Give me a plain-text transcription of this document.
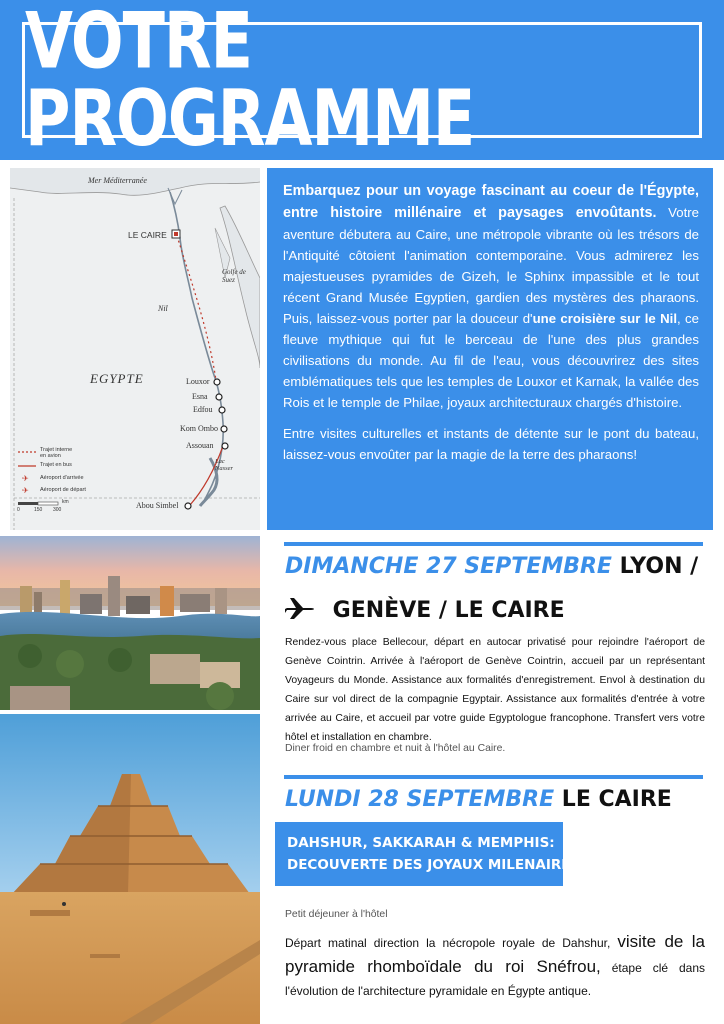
VOTRE PROGRAMME
✈
✈
Mer Méditerranée
LE CAIRE
Golfe de Suez
Nil
EGYPTE	Louxor
Esna
Edfou
Kom Ombo
Assouan
Lac Nasser
Abou Simbel
Trajet interne en avion
Trajet en bus
Aéroport d'arrivée
Aéroport de départ
km
0	150 300

Embarquez pour un voyage fascinant au coeur de l'Égypte, entre histoire millénaire et paysages envoûtants. Votre aventure débutera au Caire, une métropole vibrante où les trésors de l'Antiquité côtoient l'animation contemporaine. Vous admirerez les majestueuses pyramides de Gizeh, le Sphinx impassible et le tout récent Grand Musée Egyptien, gardien des mystères des pharaons. Puis, laissez-vous porter par la douceur d'une croisière sur le Nil, ce fleuve mythique qui fut le berceau de l'une des plus grandes civilisations du monde. Au fil de l'eau, vous découvrirez des sites emblématiques tels que les temples de Louxor et Karnak, la vallée des Rois et le temple de Philae, joyaux architecturaux chargés d'histoire.

Entre visites culturelles et instants de détente sur le pont du bateau, laissez-vous envoûter par la magie de la terre des pharaons!

DIMANCHE 27 SEPTEMBRE LYON /
GENÈVE / LE CAIRE
Rendez-vous place Bellecour, départ en autocar privatisé pour rejoindre l'aéroport de Genève Cointrin. Arrivée à l'aéroport de Genève Cointrin, accueil par un représentant Voyageurs du Monde. Assistance aux formalités d'enregistrement. Envol à destination du Caire sur vol direct de la compagnie Egyptair. Assistance aux formalités d'entrée à votre arrivée au Caire, et accueil par votre guide Egyptologue francophone. Transfert vers votre hôtel et installation en chambre.
Diner froid en chambre et nuit à l'hôtel au Caire.
LUNDI 28 SEPTEMBRE LE CAIRE
DAHSHUR, SAKKARAH & MEMPHIS:
DECOUVERTE DES JOYAUX MILENAIRES
Petit déjeuner à l'hôtel
Départ matinal direction la nécropole royale de Dahshur, visite de la pyramide rhomboïdale du roi Snéfrou, étape clé dans l'évolution de l'architecture pyramidale en Égypte antique.
